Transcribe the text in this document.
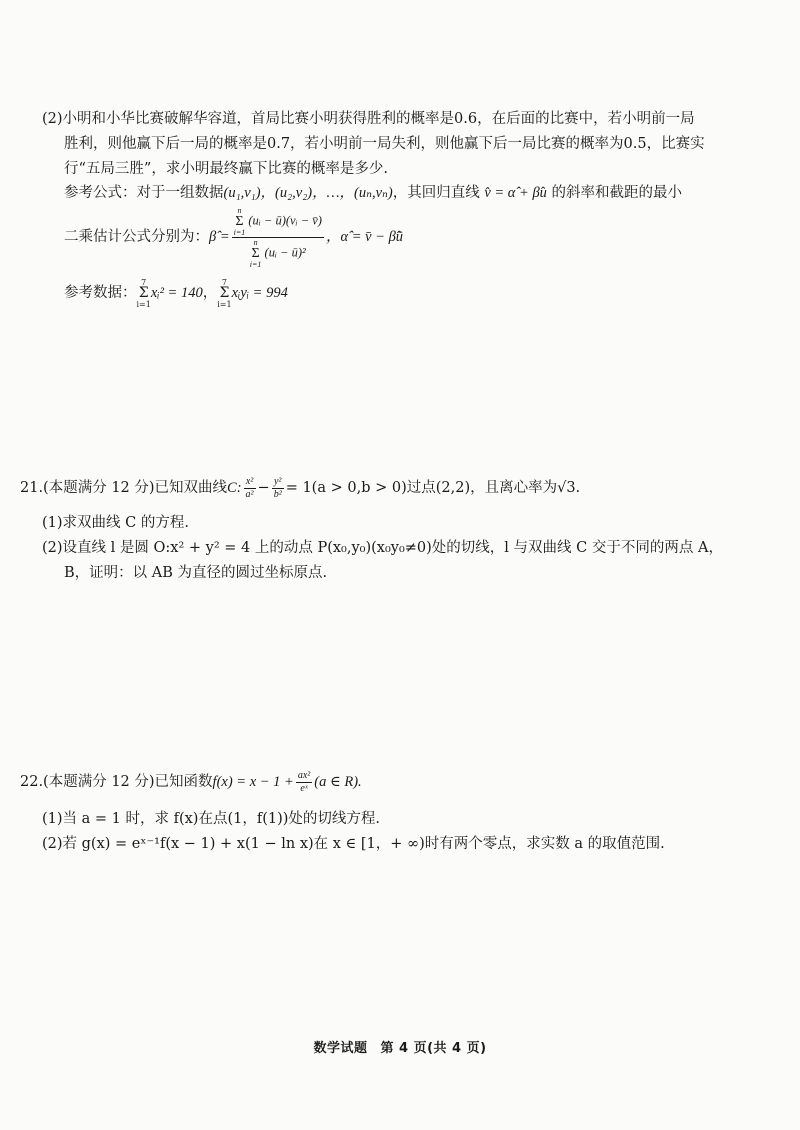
(2)小明和小华比赛破解华容道，首局比赛小明获得胜利的概率是0.6，在后面的比赛中，若小明前一局
胜利，则他赢下后一局的概率是0.7，若小明前一局失利，则他赢下后一局比赛的概率为0.5，比赛实
行“五局三胜”，求小明最终赢下比赛的概率是多少.
参考公式：对于一组数据(u₁,v₁)，(u₂,v₂)，…，(uₙ,vₙ)，其回归直线 v̂ = α̂ + β̂u 的斜率和截距的最小
二乘估计公式分别为： β̂ = n
Σ
i=1
(uᵢ − ū)(vᵢ − v̄)
n
Σ
i=1
(uᵢ − ū)² ，α̂ = v̄ − β̂ū
参考数据：
7
Σ
i=1
xᵢ² = 140 ，
7
Σ
i=1
xᵢyᵢ = 994
21.(本题满分 12 分)已知双曲线 C: $\frac{\text{x²}}{\text{a²}} - \frac{\text{y²}}{\text{b²}} = 1(a > 0,b > 0)$过点(2,2)，且离心率为√3.
(1)求双曲线 C 的方程.
(2)设直线 l 是圆 O:x² + y² = 4 上的动点 P(x₀,y₀)(x₀y₀≠0)处的切线，l 与双曲线 C 交于不同的两点 A，
B，证明：以 AB 为直径的圆过坐标原点.
22.(本题满分 12 分)已知函数 $f(x) = x - 1 + \frac{\text{ax²}}{\text{eˣ}} (a$ ∈ R).
(1)当 a = 1 时，求 f(x)在点(1，f(1))处的切线方程.
(2)若 g(x) = eˣ⁻¹f(x − 1) + x(1 − ln x)在 x ∈ [1，+ ∞)时有两个零点，求实数 a 的取值范围.
数学试题 第 4 页(共 4 页)
